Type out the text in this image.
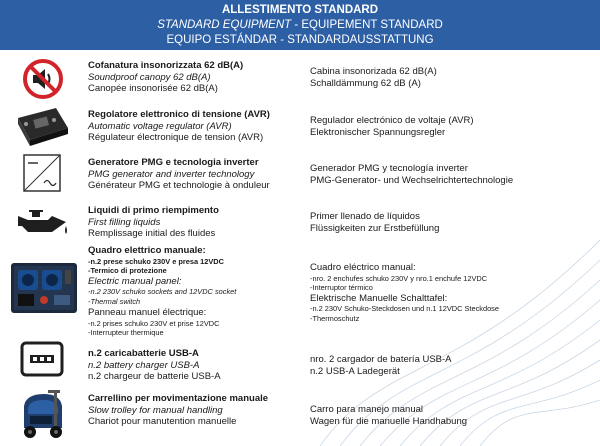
ALLESTIMENTO STANDARD
STANDARD EQUIPMENT - EQUIPEMENT STANDARD
EQUIPO ESTÁNDAR - STANDARDAUSSTATTUNG
Cofanatura insonorizzata 62 dB(A)
Soundproof canopy 62 dB(A)
Canopée insonorisée 62 dB(A)
Cabina insonorizada 62 dB(A)
Schalldämmung 62 dB (A)
Regolatore elettronico di tensione (AVR)
Automatic voltage regulator (AVR)
Régulateur électronique de tension (AVR)
Regulador electrónico de voltaje (AVR)
Elektronischer Spannungsregler
Generatore PMG e tecnologia inverter
PMG generator and inverter technology
Générateur PMG et technologie à onduleur
Generador PMG y tecnología inverter
PMG-Generator- und Wechselrichtertechnologie
Liquidi di primo riempimento
First filling liquids
Remplissage initial des fluides
Primer llenado de líquidos
Flüssigkeiten zur Erstbefüllung
Quadro elettrico manuale:
-n.2 prese schuko 230V e presa 12VDC
-Termico di protezione
Electric manual panel:
-n.2 230V schuko sockets and 12VDC socket
-Thermal switch
Panneau manuel électrique:
-n.2 prises schuko 230V et prise 12VDC
-Interrupteur thermique
Cuadro eléctrico manual:
-nro. 2 enchufes schuko 230V y nro.1 enchufe 12VDC
-Interruptor térmico
Elektrische Manuelle Schalttafel:
-n.2 230V Schuko-Steckdosen und n.1 12VDC Steckdose
-Thermoschutz
n.2 caricabatterie USB-A
n.2 battery charger USB-A
n.2 chargeur de batterie USB-A
nro. 2 cargador de batería USB-A
n.2 USB-A Ladegerät
Carrellino per movimentazione manuale
Slow trolley for manual handling
Chariot pour manutention manuelle
Carro para manejo manual
Wagen für die manuelle Handhabung
